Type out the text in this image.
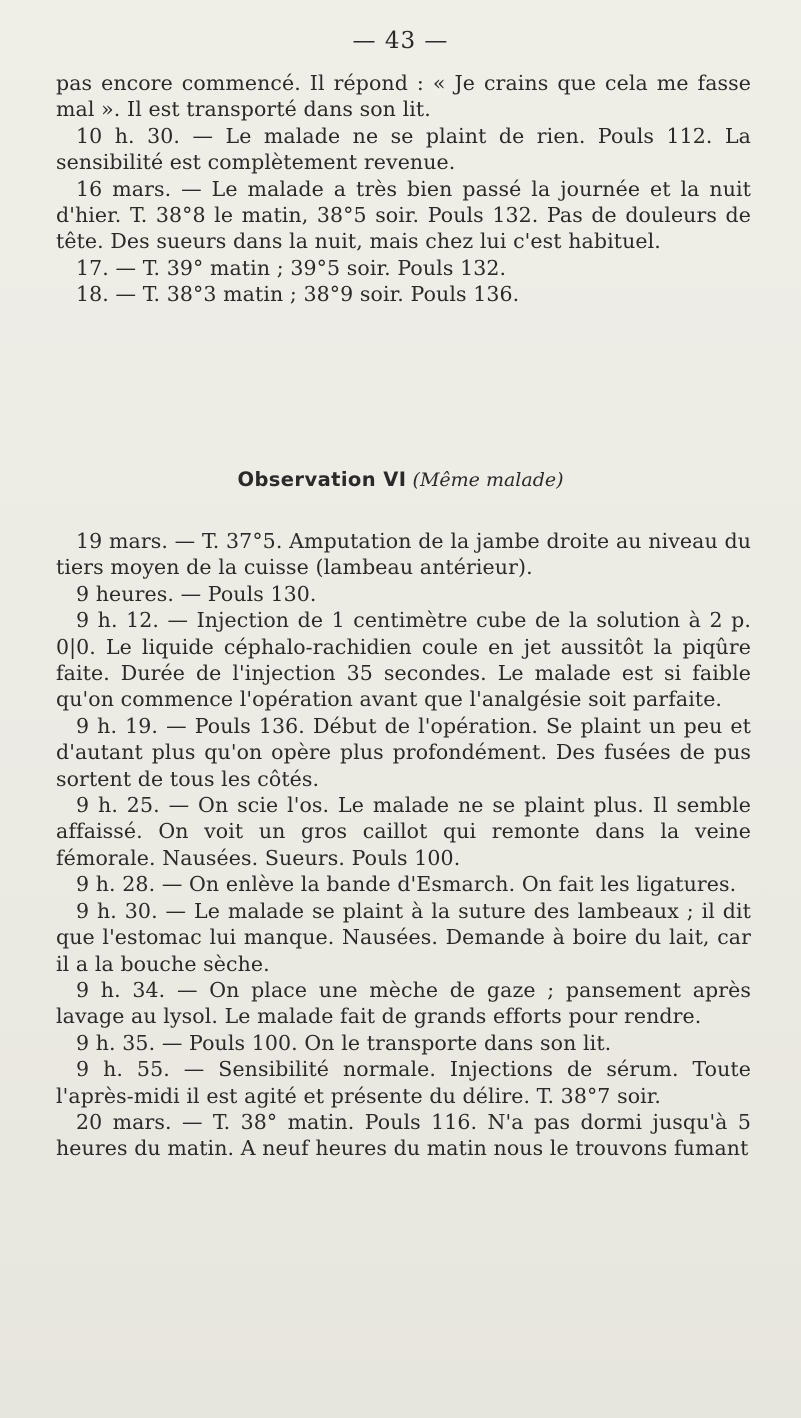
— 43 —

pas encore commencé. Il répond : « Je crains que cela me fasse mal ». Il est transporté dans son lit.

10 h. 30. — Le malade ne se plaint de rien. Pouls 112. La sensibilité est complètement revenue.

16 mars. — Le malade a très bien passé la journée et la nuit d'hier. T. 38°8 le matin, 38°5 soir. Pouls 132. Pas de douleurs de tête. Des sueurs dans la nuit, mais chez lui c'est habituel.

17. — T. 39° matin ; 39°5 soir. Pouls 132.

18. — T. 38°3 matin ; 38°9 soir. Pouls 136.

Observation VI (Même malade)

19 mars. — T. 37°5. Amputation de la jambe droite au niveau du tiers moyen de la cuisse (lambeau antérieur).

9 heures. — Pouls 130.

9 h. 12. — Injection de 1 centimètre cube de la solution à 2 p. 0|0. Le liquide céphalo-rachidien coule en jet aussitôt la piqûre faite. Durée de l'injection 35 secondes. Le malade est si faible qu'on commence l'opération avant que l'analgésie soit parfaite.

9 h. 19. — Pouls 136. Début de l'opération. Se plaint un peu et d'autant plus qu'on opère plus profondément. Des fusées de pus sortent de tous les côtés.

9 h. 25. — On scie l'os. Le malade ne se plaint plus. Il semble affaissé. On voit un gros caillot qui remonte dans la veine fémorale. Nausées. Sueurs. Pouls 100.

9 h. 28. — On enlève la bande d'Esmarch. On fait les ligatures.

9 h. 30. — Le malade se plaint à la suture des lambeaux ; il dit que l'estomac lui manque. Nausées. Demande à boire du lait, car il a la bouche sèche.

9 h. 34. — On place une mèche de gaze ; pansement après lavage au lysol. Le malade fait de grands efforts pour rendre.

9 h. 35. — Pouls 100. On le transporte dans son lit.

9 h. 55. — Sensibilité normale. Injections de sérum. Toute l'après-midi il est agité et présente du délire. T. 38°7 soir.

20 mars. — T. 38° matin. Pouls 116. N'a pas dormi jusqu'à 5 heures du matin. A neuf heures du matin nous le trouvons fumant
